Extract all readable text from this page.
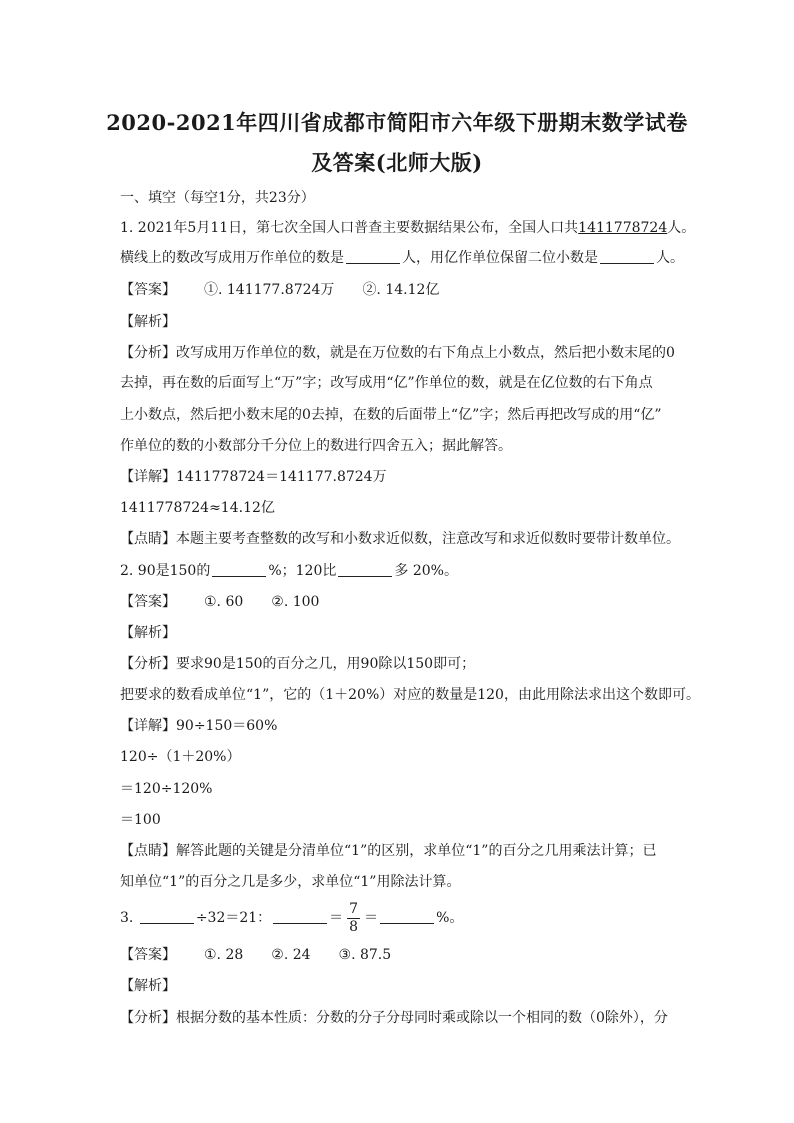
2020-2021年四川省成都市简阳市六年级下册期末数学试卷
及答案(北师大版)
一、填空（每空1分，共23分）
1. 2021年5月11日，第七次全国人口普查主要数据结果公布，全国人口共1411778724人。
横线上的数改写成用万作单位的数是	人，用亿作单位保留二位小数是	人。
【答案】 ①. 141177.8724万 ②. 14.12亿
【解析】
【分析】改写成用万作单位的数，就是在万位数的右下角点上小数点，然后把小数末尾的0
去掉，再在数的后面写上“万”字；改写成用“亿”作单位的数，就是在亿位数的右下角点
上小数点，然后把小数末尾的0去掉，在数的后面带上“亿”字；然后再把改写成的用“亿”
作单位的数的小数部分千分位上的数进行四舍五入；据此解答。
【详解】1411778724＝141177.8724万
1411778724≈14.12亿
【点睛】本题主要考查整数的改写和小数求近似数，注意改写和求近似数时要带计数单位。
2. 90是150的	%；120比	多 20%。
【答案】 ①. 60 ②. 100
【解析】
【分析】要求90是150的百分之几，用90除以150即可；
把要求的数看成单位“1”，它的（1＋20%）对应的数量是120，由此用除法求出这个数即可。
【详解】90÷150＝60%
120÷（1＋20%）
＝120÷120%
＝100
【点睛】解答此题的关键是分清单位“1”的区别，求单位“1”的百分之几用乘法计算；已
知单位“1”的百分之几是多少，求单位“1”用除法计算。
3.	÷32＝21：	＝ $\frac{7}{8}$ ＝	%。
【答案】 ①. 28 ②. 24 ③. 87.5
【解析】
【分析】根据分数的基本性质：分数的分子分母同时乘或除以一个相同的数（0除外），分
